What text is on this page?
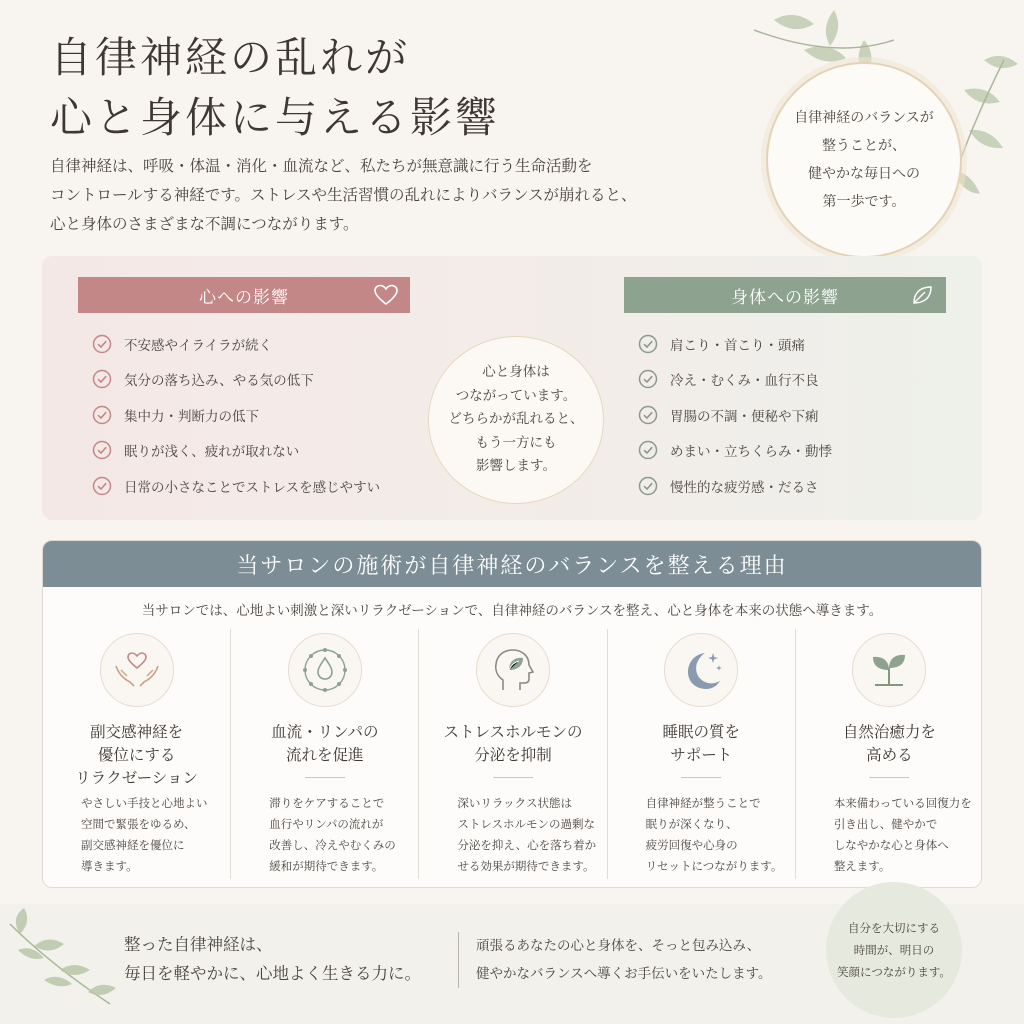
自律神経の乱れが
心と身体に与える影響

自律神経は、呼吸・体温・消化・血流など、私たちが無意識に行う生命活動を

コントロールする神経です。ストレスや生活習慣の乱れによりバランスが崩れると、

心と身体のさまざまな不調につながります。

自律神経のバランスが
整うことが、
健やかな毎日への
第一歩です。
心への影響
不安感やイライラが続く
気分の落ち込み、やる気の低下
集中力・判断力の低下
眠りが浅く、疲れが取れない
日常の小さなことでストレスを感じやすい
心と身体は
つながっています。
どちらかが乱れると、
もう一方にも
影響します。
身体への影響
肩こり・首こり・頭痛
冷え・むくみ・血行不良
胃腸の不調・便秘や下痢
めまい・立ちくらみ・動悸
慢性的な疲労感・だるさ
当サロンの施術が自律神経のバランスを整える理由
当サロンでは、心地よい刺激と深いリラクゼーションで、自律神経のバランスを整え、心と身体を本来の状態へ導きます。
副交感神経を
優位にする
リラクゼーション
やさしい手技と心地よい
空間で緊張をゆるめ、
副交感神経を優位に
導きます。
血流・リンパの
流れを促進
滞りをケアすることで
血行やリンパの流れが
改善し、冷えやむくみの
緩和が期待できます。
ストレスホルモンの
分泌を抑制
深いリラックス状態は
ストレスホルモンの過剰な
分泌を抑え、心を落ち着か
せる効果が期待できます。
睡眠の質を
サポート
自律神経が整うことで
眠りが深くなり、
疲労回復や心身の
リセットにつながります。
自然治癒力を
高める
本来備わっている回復力を
引き出し、健やかで
しなやかな心と身体へ
整えます。
整った自律神経は、
毎日を軽やかに、心地よく生きる力に。
頑張るあなたの心と身体を、そっと包み込み、
健やかなバランスへ導くお手伝いをいたします。
自分を大切にする
時間が、明日の
笑顔につながります。
